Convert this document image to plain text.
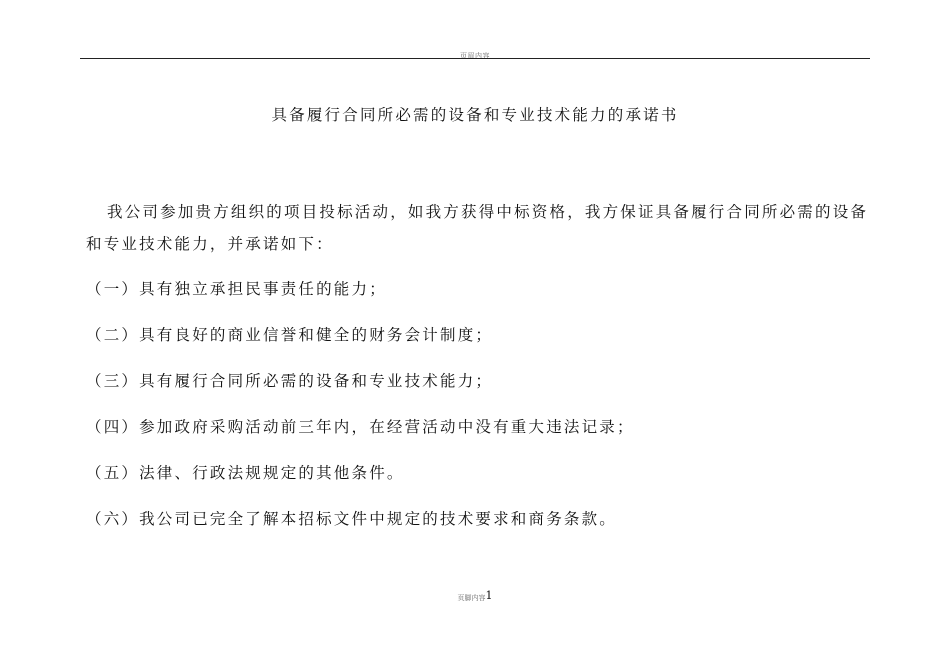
页眉内容
具备履行合同所必需的设备和专业技术能力的承诺书

我公司参加贵方组织的项目投标活动，如我方获得中标资格，我方保证具备履行合同所必需的设备和专业技术能力，并承诺如下：

（一）具有独立承担民事责任的能力；
（二）具有良好的商业信誉和健全的财务会计制度；
（三）具有履行合同所必需的设备和专业技术能力；
（四）参加政府采购活动前三年内，在经营活动中没有重大违法记录；
（五）法律、行政法规规定的其他条件。
（六）我公司已完全了解本招标文件中规定的技术要求和商务条款。
页脚内容$^1$
